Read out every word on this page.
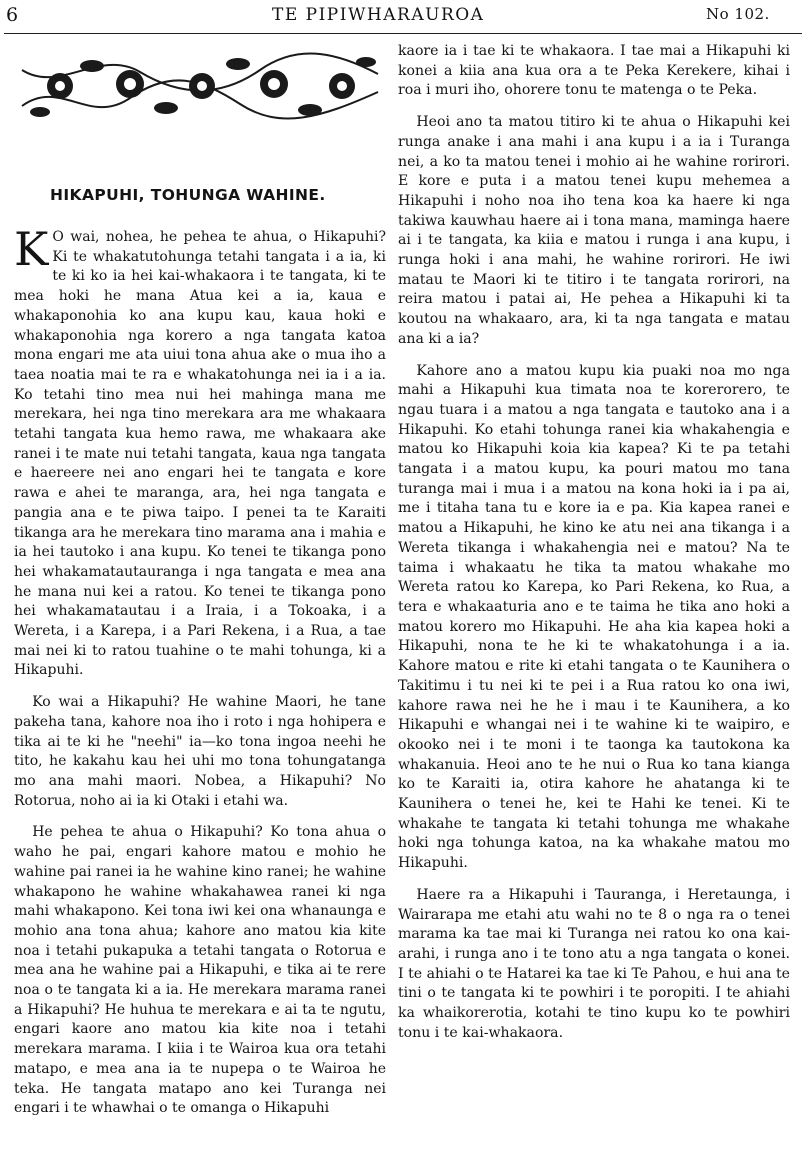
6	TE PIPIWHARAUROA	No 102.
HIKAPUHI, TOHUNGA WAHINE.

K O wai, nohea, he pehea te ahua, o Hikapuhi? Ki te whakatutohunga tetahi tangata i a ia, ki te ki ko ia hei kai-whakaora i te tangata, ki te mea hoki he mana Atua kei a ia, kaua e whakaponohia ko ana kupu kau, kaua hoki e whakaponohia nga korero a nga tangata katoa mona engari me ata uiui tona ahua ake o mua iho a taea noatia mai te ra e whakatohunga nei ia i a ia. Ko tetahi tino mea nui hei mahinga mana me merekara, hei nga tino merekara ara me whakaara tetahi tangata kua hemo rawa, me whakaara ake ranei i te mate nui tetahi tangata, kaua nga tangata e haereere nei ano engari hei te tangata e kore rawa e ahei te maranga, ara, hei nga tangata e pangia ana e te piwa taipo. I penei ta te Karaiti tikanga ara he merekara tino marama ana i mahia e ia hei tautoko i ana kupu. Ko tenei te tikanga pono hei whakamatautauranga i nga tangata e mea ana he mana nui kei a ratou. Ko tenei te tikanga pono hei whakamatautau i a Iraia, i a Tokoaka, i a Wereta, i a Karepa, i a Pari Rekena, i a Rua, a tae mai nei ki to ratou tuahine o te mahi tohunga, ki a Hikapuhi.

Ko wai a Hikapuhi? He wahine Maori, he tane pakeha tana, kahore noa iho i roto i nga hohipera e tika ai te ki he "neehi" ia—ko tona ingoa neehi he tito, he kakahu kau hei uhi mo tona tohungatanga mo ana mahi maori. Nobea, a Hikapuhi? No Rotorua, noho ai ia ki Otaki i etahi wa.

He pehea te ahua o Hikapuhi? Ko tona ahua o waho he pai, engari kahore matou e mohio he wahine pai ranei ia he wahine kino ranei; he wahine whakapono he wahine whakahawea ranei ki nga mahi whakapono. Kei tona iwi kei ona whanaunga e mohio ana tona ahua; kahore ano matou kia kite noa i tetahi pukapuka a tetahi tangata o Rotorua e mea ana he wahine pai a Hikapuhi, e tika ai te rere noa o te tangata ki a ia. He merekara marama ranei a Hikapuhi? He huhua te merekara e ai ta te ngutu, engari kaore ano matou kia kite noa i tetahi merekara marama. I kiia i te Wairoa kua ora tetahi matapo, e mea ana ia te nupepa o te Wairoa he teka. He tangata matapo ano kei Turanga nei engari i te whawhai o te omanga o Hikapuhi

kaore ia i tae ki te whakaora. I tae mai a Hikapuhi ki konei a kiia ana kua ora a te Peka Kerekere, kihai i roa i muri iho, ohorere tonu te matenga o te Peka.

Heoi ano ta matou titiro ki te ahua o Hikapuhi kei runga anake i ana mahi i ana kupu i a ia i Turanga nei, a ko ta matou tenei i mohio ai he wahine rorirori. E kore e puta i a matou tenei kupu mehemea a Hikapuhi i noho noa iho tena koa ka haere ki nga takiwa kauwhau haere ai i tona mana, maminga haere ai i te tangata, ka kiia e matou i runga i ana kupu, i runga hoki i ana mahi, he wahine rorirori. He iwi matau te Maori ki te titiro i te tangata rorirori, na reira matou i patai ai, He pehea a Hikapuhi ki ta koutou na whakaaro, ara, ki ta nga tangata e matau ana ki a ia?

Kahore ano a matou kupu kia puaki noa mo nga mahi a Hikapuhi kua timata noa te korerorero, te ngau tuara i a matou a nga tangata e tautoko ana i a Hikapuhi. Ko etahi tohunga ranei kia whakahengia e matou ko Hikapuhi koia kia kapea? Ki te pa tetahi tangata i a matou kupu, ka pouri matou mo tana turanga mai i mua i a matou na kona hoki ia i pa ai, me i titaha tana tu e kore ia e pa. Kia kapea ranei e matou a Hikapuhi, he kino ke atu nei ana tikanga i a Wereta tikanga i whakahengia nei e matou? Na te taima i whakaatu he tika ta matou whakahe mo Wereta ratou ko Karepa, ko Pari Rekena, ko Rua, a tera e whakaaturia ano e te taima he tika ano hoki a matou korero mo Hikapuhi. He aha kia kapea hoki a Hikapuhi, nona te he ki te whakatohunga i a ia. Kahore matou e rite ki etahi tangata o te Kaunihera o Takitimu i tu nei ki te pei i a Rua ratou ko ona iwi, kahore rawa nei he he i mau i te Kaunihera, a ko Hikapuhi e whangai nei i te wahine ki te waipiro, e okooko nei i te moni i te taonga ka tautokona ka whakanuia. Heoi ano te he nui o Rua ko tana kianga ko te Karaiti ia, otira kahore he ahatanga ki te Kaunihera o tenei he, kei te Hahi ke tenei. Ki te whakahe te tangata ki tetahi tohunga me whakahe hoki nga tohunga katoa, na ka whakahe matou mo Hikapuhi.

Haere ra a Hikapuhi i Tauranga, i Heretaunga, i Wairarapa me etahi atu wahi no te 8 o nga ra o tenei marama ka tae mai ki Turanga nei ratou ko ona kai-arahi, i runga ano i te tono atu a nga tangata o konei. I te ahiahi o te Hatarei ka tae ki Te Pahou, e hui ana te tini o te tangata ki te powhiri i te poropiti. I te ahiahi ka whaikorerotia, kotahi te tino kupu ko te powhiri tonu i te kai-whakaora.
